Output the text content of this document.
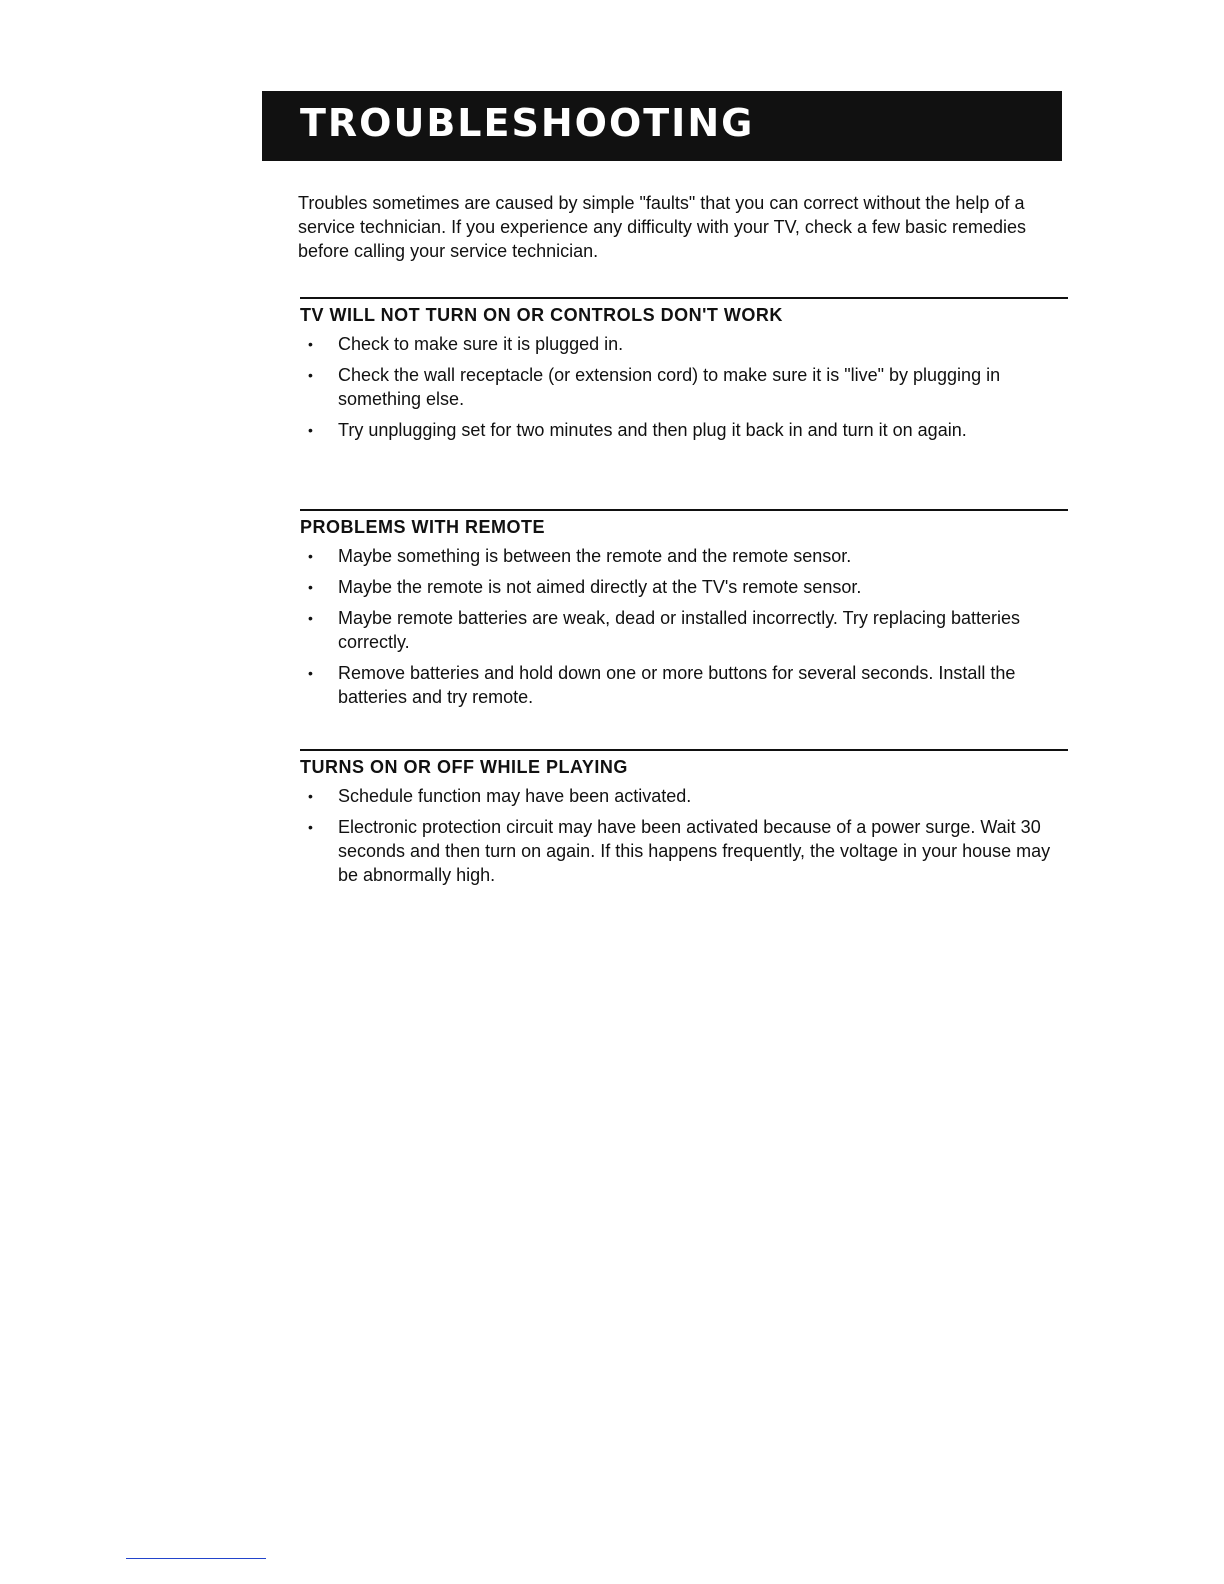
TROUBLESHOOTING

Troubles sometimes are caused by simple "faults" that you can correct without the help of a service technician. If you experience any difficulty with your TV, check a few basic remedies before calling your service technician.

TV WILL NOT TURN ON OR CONTROLS DON'T WORK
• Check to make sure it is plugged in.
• Check the wall receptacle (or extension cord) to make sure it is "live" by plugging in something else.
• Try unplugging set for two minutes and then plug it back in and turn it on again.
PROBLEMS WITH REMOTE
• Maybe something is between the remote and the remote sensor.
• Maybe the remote is not aimed directly at the TV's remote sensor.
• Maybe remote batteries are weak, dead or installed incorrectly. Try replacing batteries correctly.
• Remove batteries and hold down one or more buttons for several seconds. Install the batteries and try remote.
TURNS ON OR OFF WHILE PLAYING
• Schedule function may have been activated.
• Electronic protection circuit may have been activated because of a power surge. Wait 30 seconds and then turn on again. If this happens frequently, the voltage in your house may be abnormally high.
